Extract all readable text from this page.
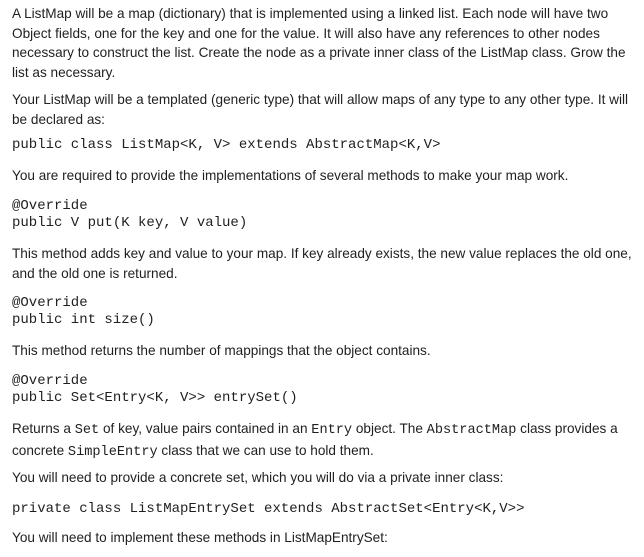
A ListMap will be a map (dictionary) that is implemented using a linked list. Each node will have two Object fields, one for the key and one for the value. It will also have any references to other nodes necessary to construct the list. Create the node as a private inner class of the ListMap class. Grow the list as necessary.

Your ListMap will be a templated (generic type) that will allow maps of any type to any other type. It will be declared as:

public class ListMap<K, V> extends AbstractMap<K,V>

You are required to provide the implementations of several methods to make your map work.

@Override
public V put(K key, V value)

This method adds key and value to your map. If key already exists, the new value replaces the old one, and the old one is returned.

@Override
public int size()

This method returns the number of mappings that the object contains.

@Override
public Set<Entry<K, V>> entrySet()

Returns a Set of key, value pairs contained in an Entry object. The AbstractMap class provides a concrete SimpleEntry class that we can use to hold them.

You will need to provide a concrete set, which you will do via a private inner class:

private class ListMapEntrySet extends AbstractSet<Entry<K,V>>

You will need to implement these methods in ListMapEntrySet:
